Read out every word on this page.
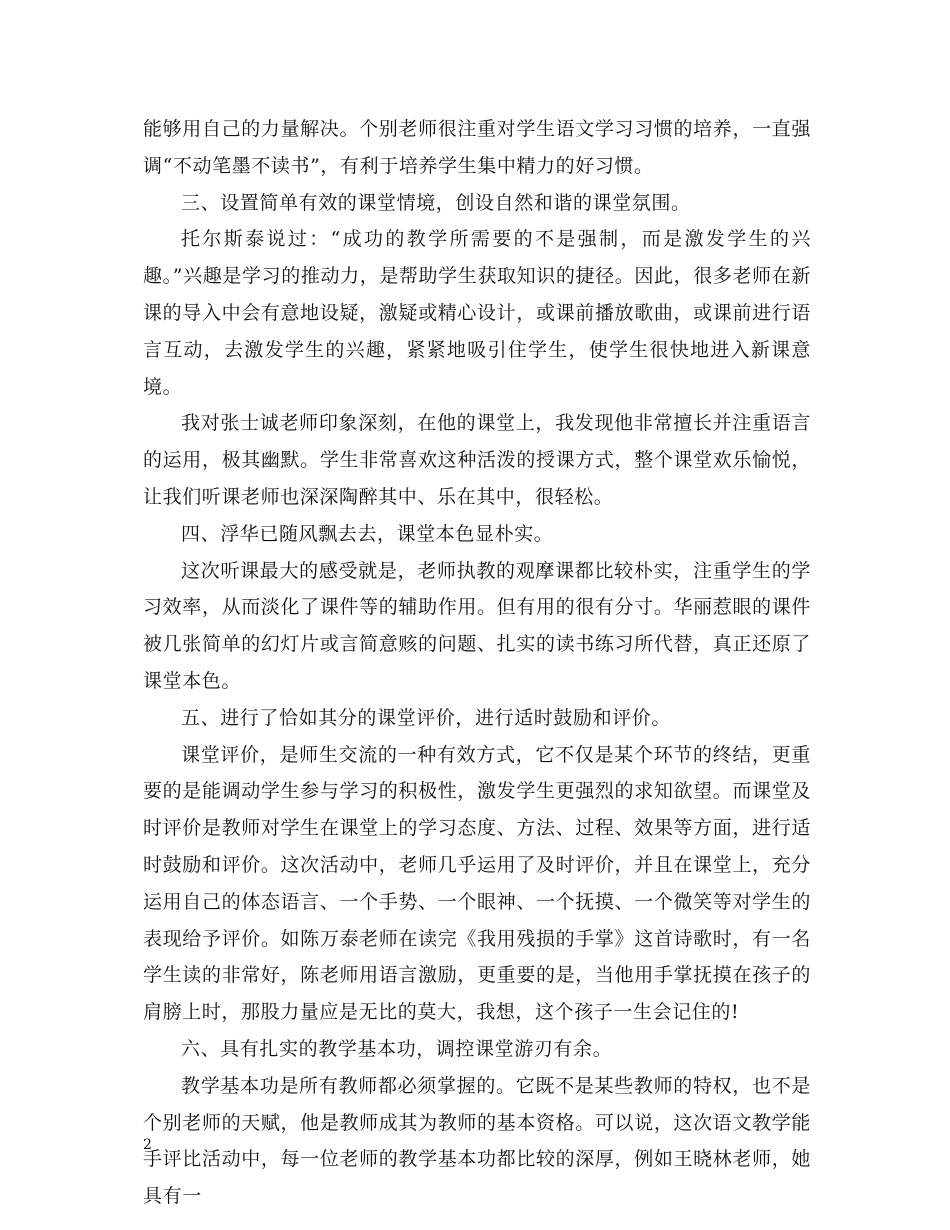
能够用自己的力量解决。个别老师很注重对学生语文学习习惯的培养，一直强调“不动笔墨不读书”，有利于培养学生集中精力的好习惯。

三、设置简单有效的课堂情境，创设自然和谐的课堂氛围。

托尔斯泰说过：“成功的教学所需要的不是强制，而是激发学生的兴趣。”兴趣是学习的推动力，是帮助学生获取知识的捷径。因此，很多老师在新课的导入中会有意地设疑，激疑或精心设计，或课前播放歌曲，或课前进行语言互动，去激发学生的兴趣，紧紧地吸引住学生，使学生很快地进入新课意境。

我对张士诚老师印象深刻，在他的课堂上，我发现他非常擅长并注重语言的运用，极其幽默。学生非常喜欢这种活泼的授课方式，整个课堂欢乐愉悦，让我们听课老师也深深陶醉其中、乐在其中，很轻松。

四、浮华已随风飘去去，课堂本色显朴实。

这次听课最大的感受就是，老师执教的观摩课都比较朴实，注重学生的学习效率，从而淡化了课件等的辅助作用。但有用的很有分寸。华丽惹眼的课件被几张简单的幻灯片或言简意赅的问题、扎实的读书练习所代替，真正还原了课堂本色。

五、进行了恰如其分的课堂评价，进行适时鼓励和评价。

课堂评价，是师生交流的一种有效方式，它不仅是某个环节的终结，更重要的是能调动学生参与学习的积极性，激发学生更强烈的求知欲望。而课堂及时评价是教师对学生在课堂上的学习态度、方法、过程、效果等方面，进行适时鼓励和评价。这次活动中，老师几乎运用了及时评价，并且在课堂上，充分运用自己的体态语言、一个手势、一个眼神、一个抚摸、一个微笑等对学生的表现给予评价。如陈万泰老师在读完《我用残损的手掌》这首诗歌时，有一名学生读的非常好，陈老师用语言激励，更重要的是，当他用手掌抚摸在孩子的肩膀上时，那股力量应是无比的莫大，我想，这个孩子一生会记住的!

六、具有扎实的教学基本功，调控课堂游刃有余。

教学基本功是所有教师都必须掌握的。它既不是某些教师的特权，也不是个别老师的天赋，他是教师成其为教师的基本资格。可以说，这次语文教学能手评比活动中，每一位老师的教学基本功都比较的深厚，例如王晓林老师，她具有一

2
